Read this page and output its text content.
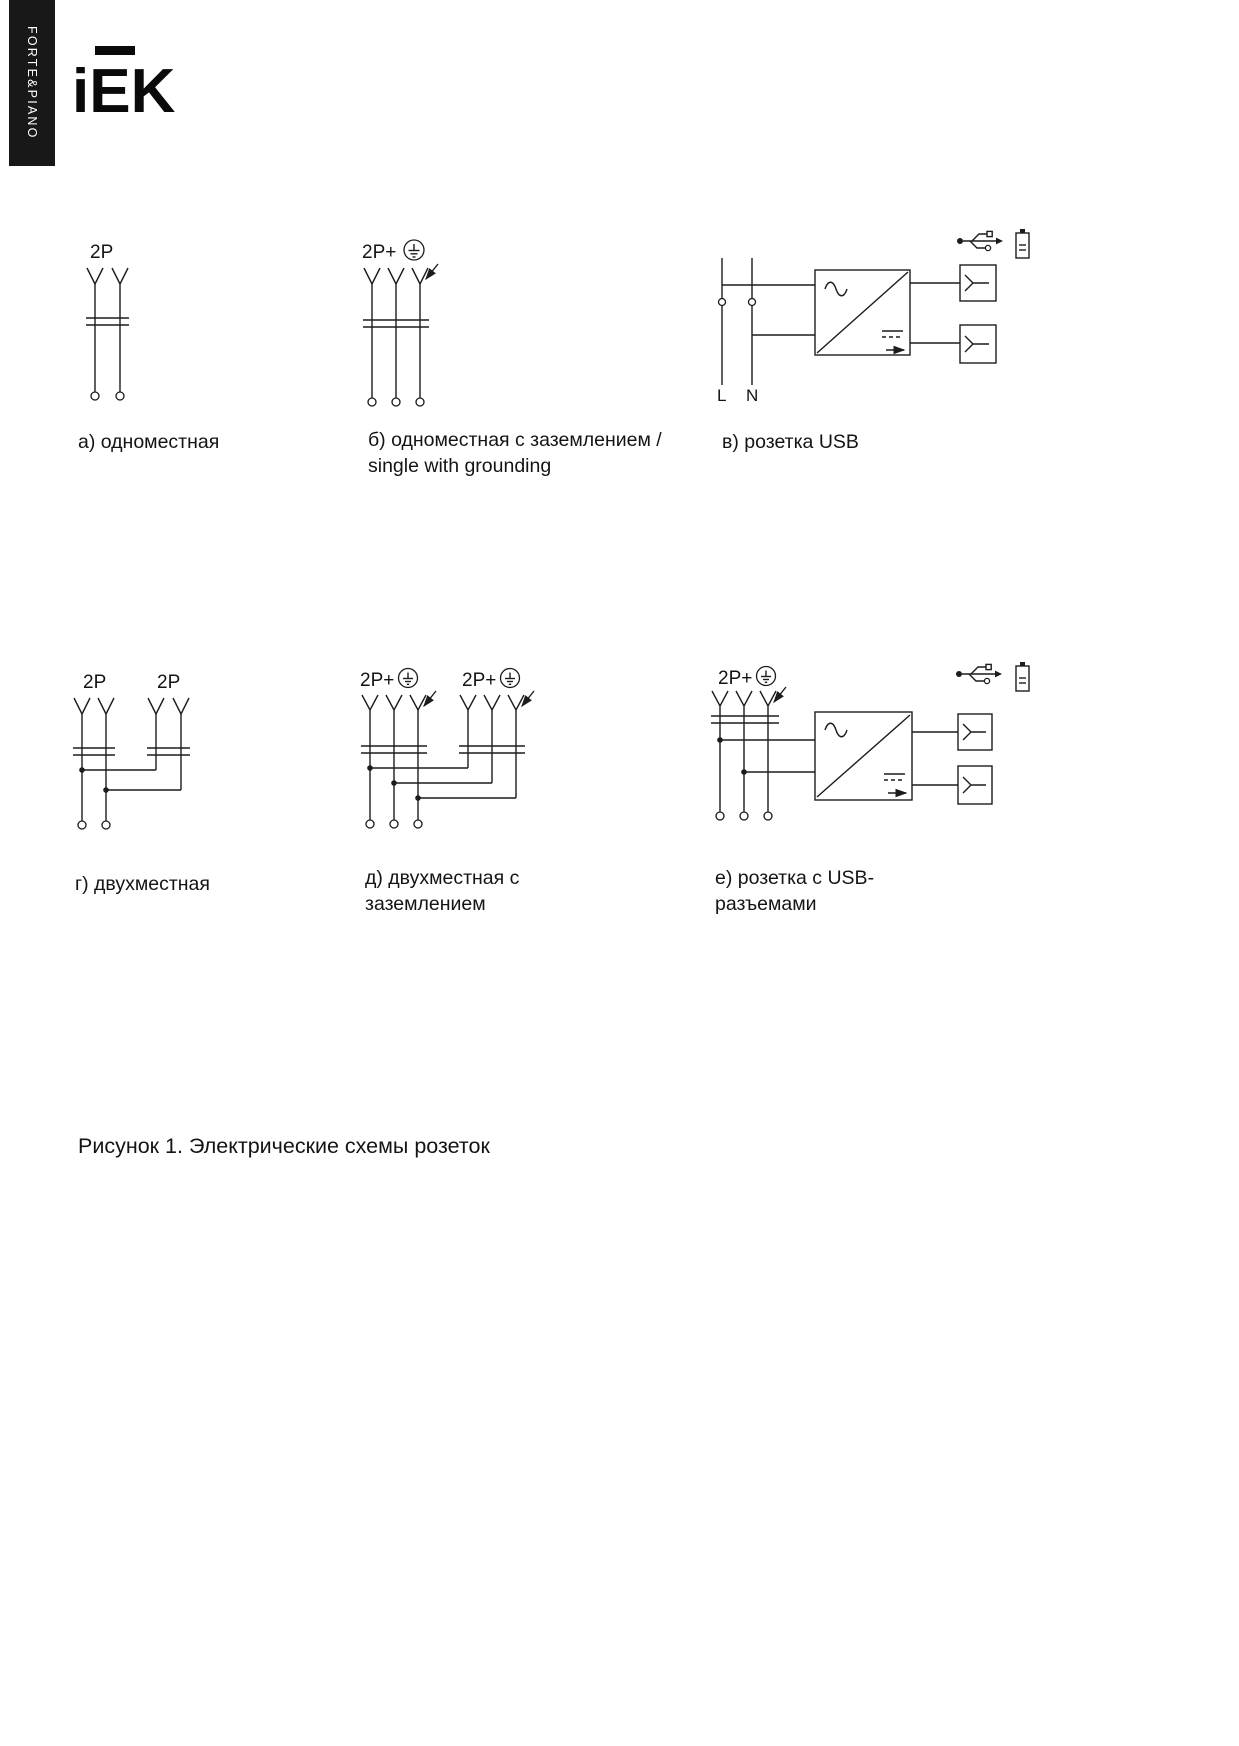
FORTE&PIANO iEK
2P	2P+
L N
2P	2P	2P+	2P+	2P+
а) одноместная	б) одноместная с заземлением /
single with grounding
в) розетка USB
г) двухместная	д) двухместная с
заземлением
е) розетка с USB-
разъемами
Рисунок 1. Электрические схемы розеток
